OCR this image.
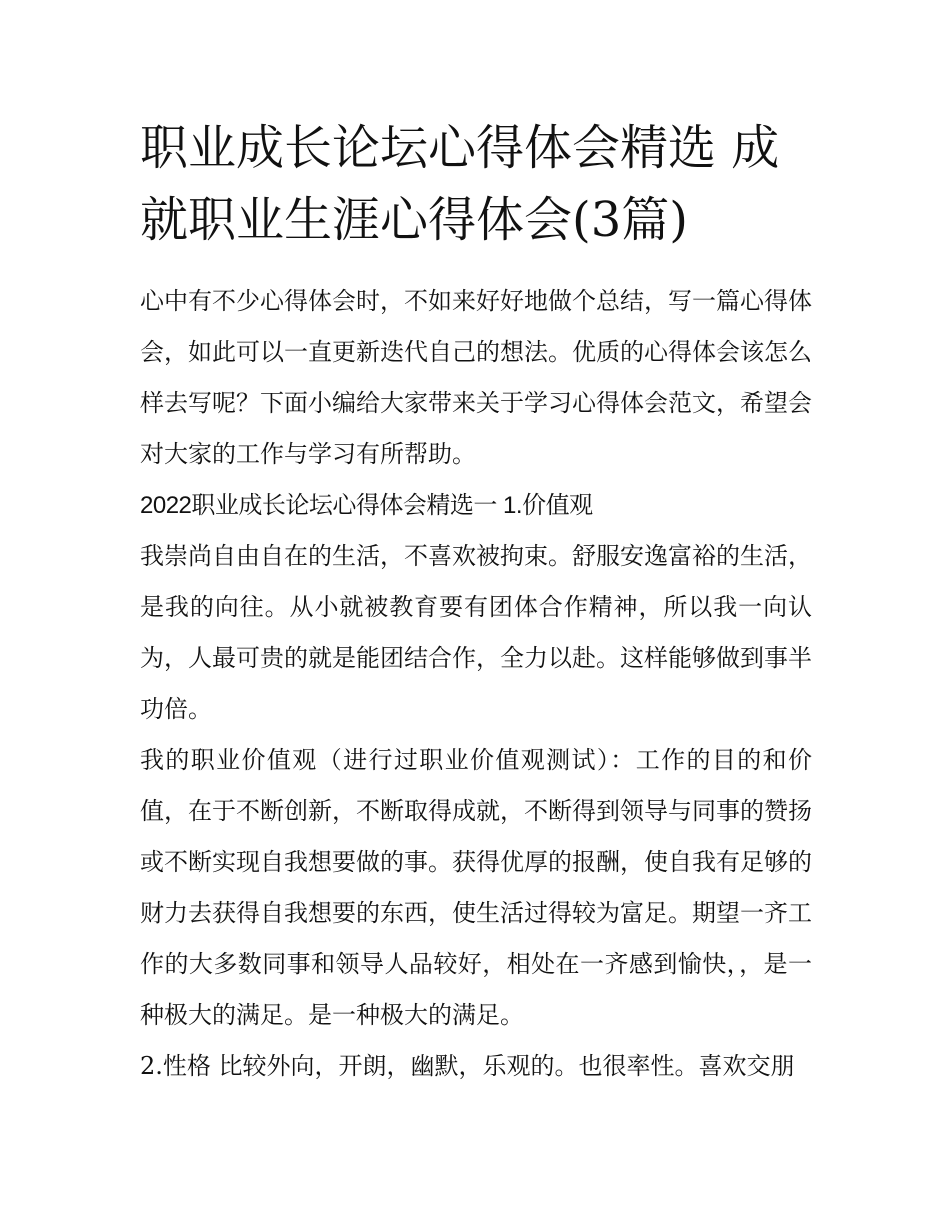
职业成长论坛心得体会精选 成就职业生涯心得体会(3篇)

心中有不少心得体会时，不如来好好地做个总结，写一篇心得体会，如此可以一直更新迭代自己的想法。优质的心得体会该怎么样去写呢？下面小编给大家带来关于学习心得体会范文，希望会对大家的工作与学习有所帮助。

2022职业成长论坛心得体会精选一 1.价值观

我崇尚自由自在的生活，不喜欢被拘束。舒服安逸富裕的生活，是我的向往。从小就被教育要有团体合作精神，所以我一向认为，人最可贵的就是能团结合作，全力以赴。这样能够做到事半功倍。

我的职业价值观（进行过职业价值观测试）：工作的目的和价值，在于不断创新，不断取得成就，不断得到领导与同事的赞扬或不断实现自我想要做的事。获得优厚的报酬，使自我有足够的财力去获得自我想要的东西，使生活过得较为富足。期望一齐工作的大多数同事和领导人品较好，相处在一齐感到愉快，，是一种极大的满足。是一种极大的满足。

2.性格 比较外向，开朗，幽默，乐观的。也很率性。喜欢交朋
